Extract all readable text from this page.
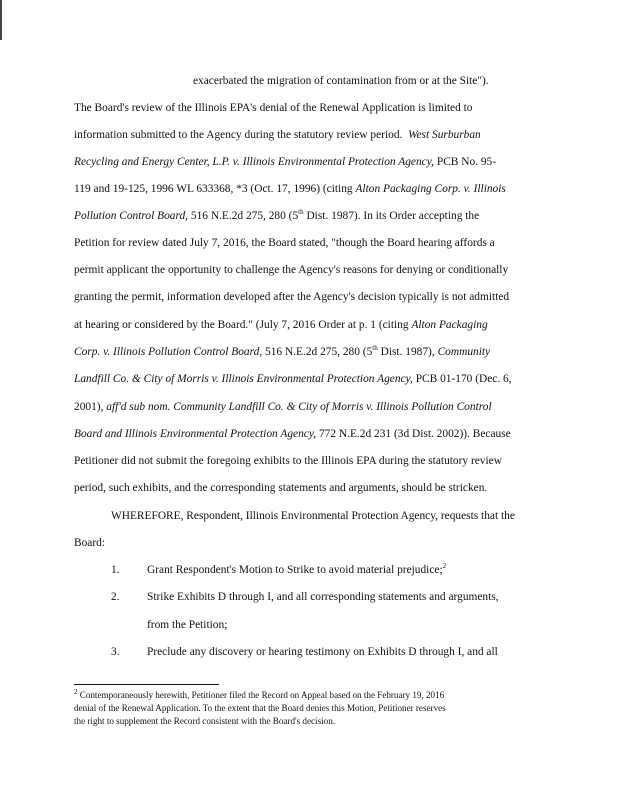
exacerbated the migration of contamination from or at the Site").
The Board's review of the Illinois EPA's denial of the Renewal Application is limited to
information submitted to the Agency during the statutory review period. West Surburban
Recycling and Energy Center, L.P. v. Illinois Environmental Protection Agency, PCB No. 95-
119 and 19-125, 1996 WL 633368, *3 (Oct. 17, 1996) (citing Alton Packaging Corp. v. Illinois
Pollution Control Board, 516 N.E.2d 275, 280 (5th Dist. 1987). In its Order accepting the
Petition for review dated July 7, 2016, the Board stated, "though the Board hearing affords a
permit applicant the opportunity to challenge the Agency's reasons for denying or conditionally
granting the permit, information developed after the Agency's decision typically is not admitted
at hearing or considered by the Board." (July 7, 2016 Order at p. 1 (citing Alton Packaging
Corp. v. Illinois Pollution Control Board, 516 N.E.2d 275, 280 (5th Dist. 1987), Community
Landfill Co. & City of Morris v. Illinois Environmental Protection Agency, PCB 01-170 (Dec. 6,
2001), aff'd sub nom. Community Landfill Co. & City of Morris v. Illinois Pollution Control
Board and Illinois Environmental Protection Agency, 772 N.E.2d 231 (3d Dist. 2002)). Because
Petitioner did not submit the foregoing exhibits to the Illinois EPA during the statutory review
period, such exhibits, and the corresponding statements and arguments, should be stricken.
WHEREFORE, Respondent, Illinois Environmental Protection Agency, requests that the
Board:
1. Grant Respondent's Motion to Strike to avoid material prejudice;$^2$
2. Strike Exhibits D through I, and all corresponding statements and arguments,
from the Petition;
3. Preclude any discovery or hearing testimony on Exhibits D through I, and all
$^2$ Contemporaneously herewith, Petitioner filed the Record on Appeal based on the February 19, 2016
denial of the Renewal Application. To the extent that the Board denies this Motion, Petitioner reserves
the right to supplement the Record consistent with the Board's decision.
